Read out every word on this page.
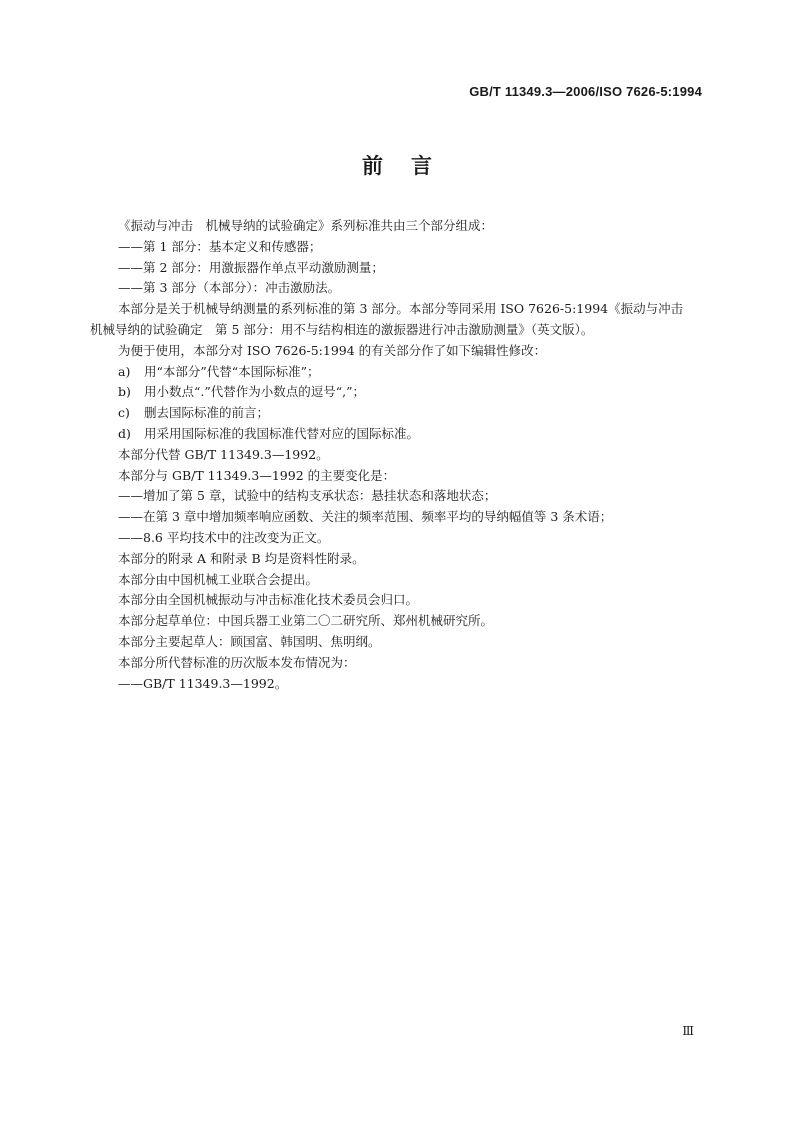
GB/T 11349.3—2006/ISO 7626-5:1994
前 言

《振动与冲击　机械导纳的试验确定》系列标准共由三个部分组成：

——第 1 部分：基本定义和传感器；

——第 2 部分：用激振器作单点平动激励测量；

——第 3 部分（本部分）：冲击激励法。

本部分是关于机械导纳测量的系列标准的第 3 部分。本部分等同采用 ISO 7626-5:1994《振动与冲击　机械导纳的试验确定　第 5 部分：用不与结构相连的激振器进行冲击激励测量》（英文版）。

为便于使用，本部分对 ISO 7626-5:1994 的有关部分作了如下编辑性修改：

a) 用“本部分”代替“本国际标准”；

b) 用小数点“.”代替作为小数点的逗号“,”；

c) 删去国际标准的前言；

d) 用采用国际标准的我国标准代替对应的国际标准。

本部分代替 GB/T 11349.3—1992。

本部分与 GB/T 11349.3—1992 的主要变化是：

——增加了第 5 章，试验中的结构支承状态：悬挂状态和落地状态；

——在第 3 章中增加频率响应函数、关注的频率范围、频率平均的导纳幅值等 3 条术语；

——8.6 平均技术中的注改变为正文。

本部分的附录 A 和附录 B 均是资料性附录。

本部分由中国机械工业联合会提出。

本部分由全国机械振动与冲击标准化技术委员会归口。

本部分起草单位：中国兵器工业第二〇二研究所、郑州机械研究所。

本部分主要起草人：顾国富、韩国明、焦明纲。

本部分所代替标准的历次版本发布情况为：

——GB/T 11349.3—1992。

Ⅲ
